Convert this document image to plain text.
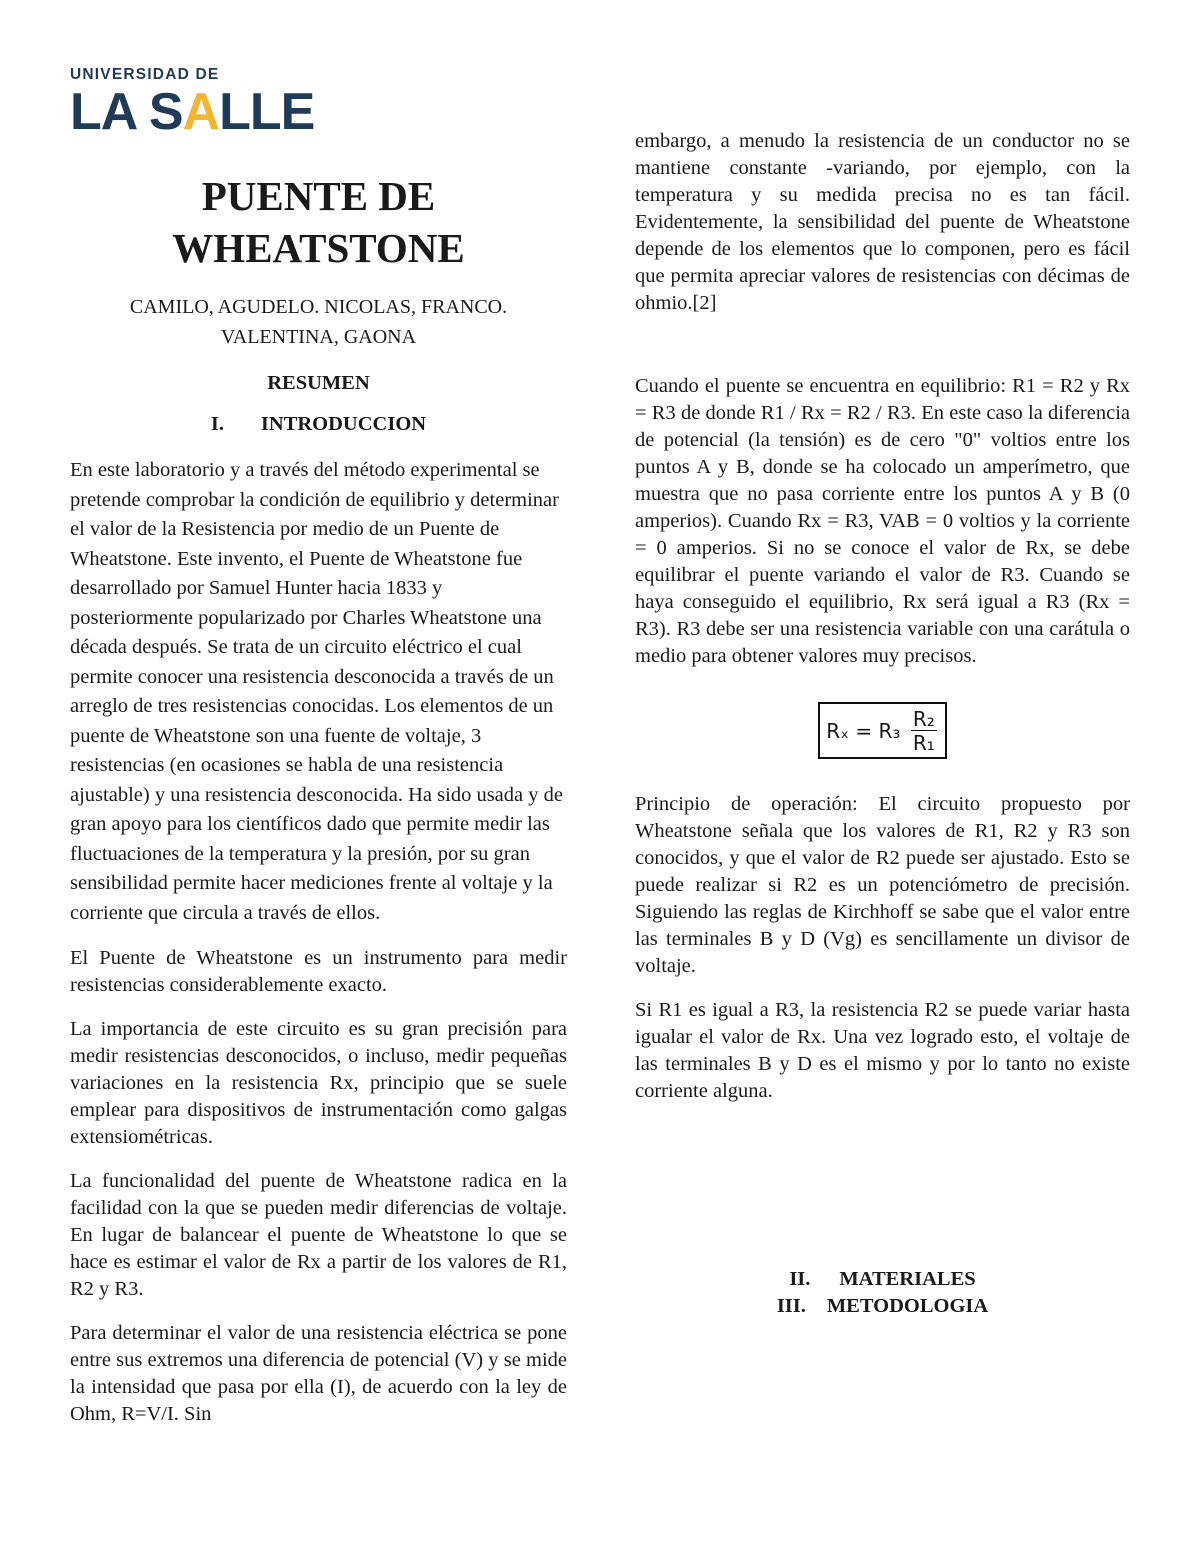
UNIVERSIDAD DE
LA SALLE
PUENTE DE
WHEATSTONE
CAMILO, AGUDELO. NICOLAS, FRANCO.
VALENTINA, GAONA
RESUMEN
I. INTRODUCCION

En este laboratorio y a través del método experimental se pretende comprobar la condición de equilibrio y determinar el valor de la Resistencia por medio de un Puente de Wheatstone. Este invento, el Puente de Wheatstone fue desarrollado por Samuel Hunter hacia 1833 y posteriormente popularizado por Charles Wheatstone una década después. Se trata de un circuito eléctrico el cual permite conocer una resistencia desconocida a través de un arreglo de tres resistencias conocidas. Los elementos de un puente de Wheatstone son una fuente de voltaje, 3 resistencias (en ocasiones se habla de una resistencia ajustable) y una resistencia desconocida. Ha sido usada y de gran apoyo para los científicos dado que permite medir las fluctuaciones de la temperatura y la presión, por su gran sensibilidad permite hacer mediciones frente al voltaje y la corriente que circula a través de ellos.

El Puente de Wheatstone es un instrumento para medir resistencias considerablemente exacto.

La importancia de este circuito es su gran precisión para medir resistencias desconocidos, o incluso, medir pequeñas variaciones en la resistencia Rx, principio que se suele emplear para dispositivos de instrumentación como galgas extensiométricas.

La funcionalidad del puente de Wheatstone radica en la facilidad con la que se pueden medir diferencias de voltaje. En lugar de balancear el puente de Wheatstone lo que se hace es estimar el valor de Rx a partir de los valores de R1, R2 y R3.

Para determinar el valor de una resistencia eléctrica se pone entre sus extremos una diferencia de potencial (V) y se mide la intensidad que pasa por ella (I), de acuerdo con la ley de Ohm, R=V/I. Sin

embargo, a menudo la resistencia de un conductor no se mantiene constante -variando, por ejemplo, con la temperatura y su medida precisa no es tan fácil. Evidentemente, la sensibilidad del puente de Wheatstone depende de los elementos que lo componen, pero es fácil que permita apreciar valores de resistencias con décimas de ohmio.[2]

Cuando el puente se encuentra en equilibrio: R1 = R2 y Rx = R3 de donde R1 / Rx = R2 / R3. En este caso la diferencia de potencial (la tensión) es de cero "0" voltios entre los puntos A y B, donde se ha colocado un amperímetro, que muestra que no pasa corriente entre los puntos A y B (0 amperios). Cuando Rx = R3, VAB = 0 voltios y la corriente = 0 amperios. Si no se conoce el valor de Rx, se debe equilibrar el puente variando el valor de R3. Cuando se haya conseguido el equilibrio, Rx será igual a R3 (Rx = R3). R3 debe ser una resistencia variable con una carátula o medio para obtener valores muy precisos.

$R_x = R_3 \frac{\text{R₂}}{\text{R₁}}$

Principio de operación: El circuito propuesto por Wheatstone señala que los valores de R1, R2 y R3 son conocidos, y que el valor de R2 puede ser ajustado. Esto se puede realizar si R2 es un potenciómetro de precisión. Siguiendo las reglas de Kirchhoff se sabe que el valor entre las terminales B y D (Vg) es sencillamente un divisor de voltaje.

Si R1 es igual a R3, la resistencia R2 se puede variar hasta igualar el valor de Rx. Una vez logrado esto, el voltaje de las terminales B y D es el mismo y por lo tanto no existe corriente alguna.

II. MATERIALES
III. METODOLOGIA
